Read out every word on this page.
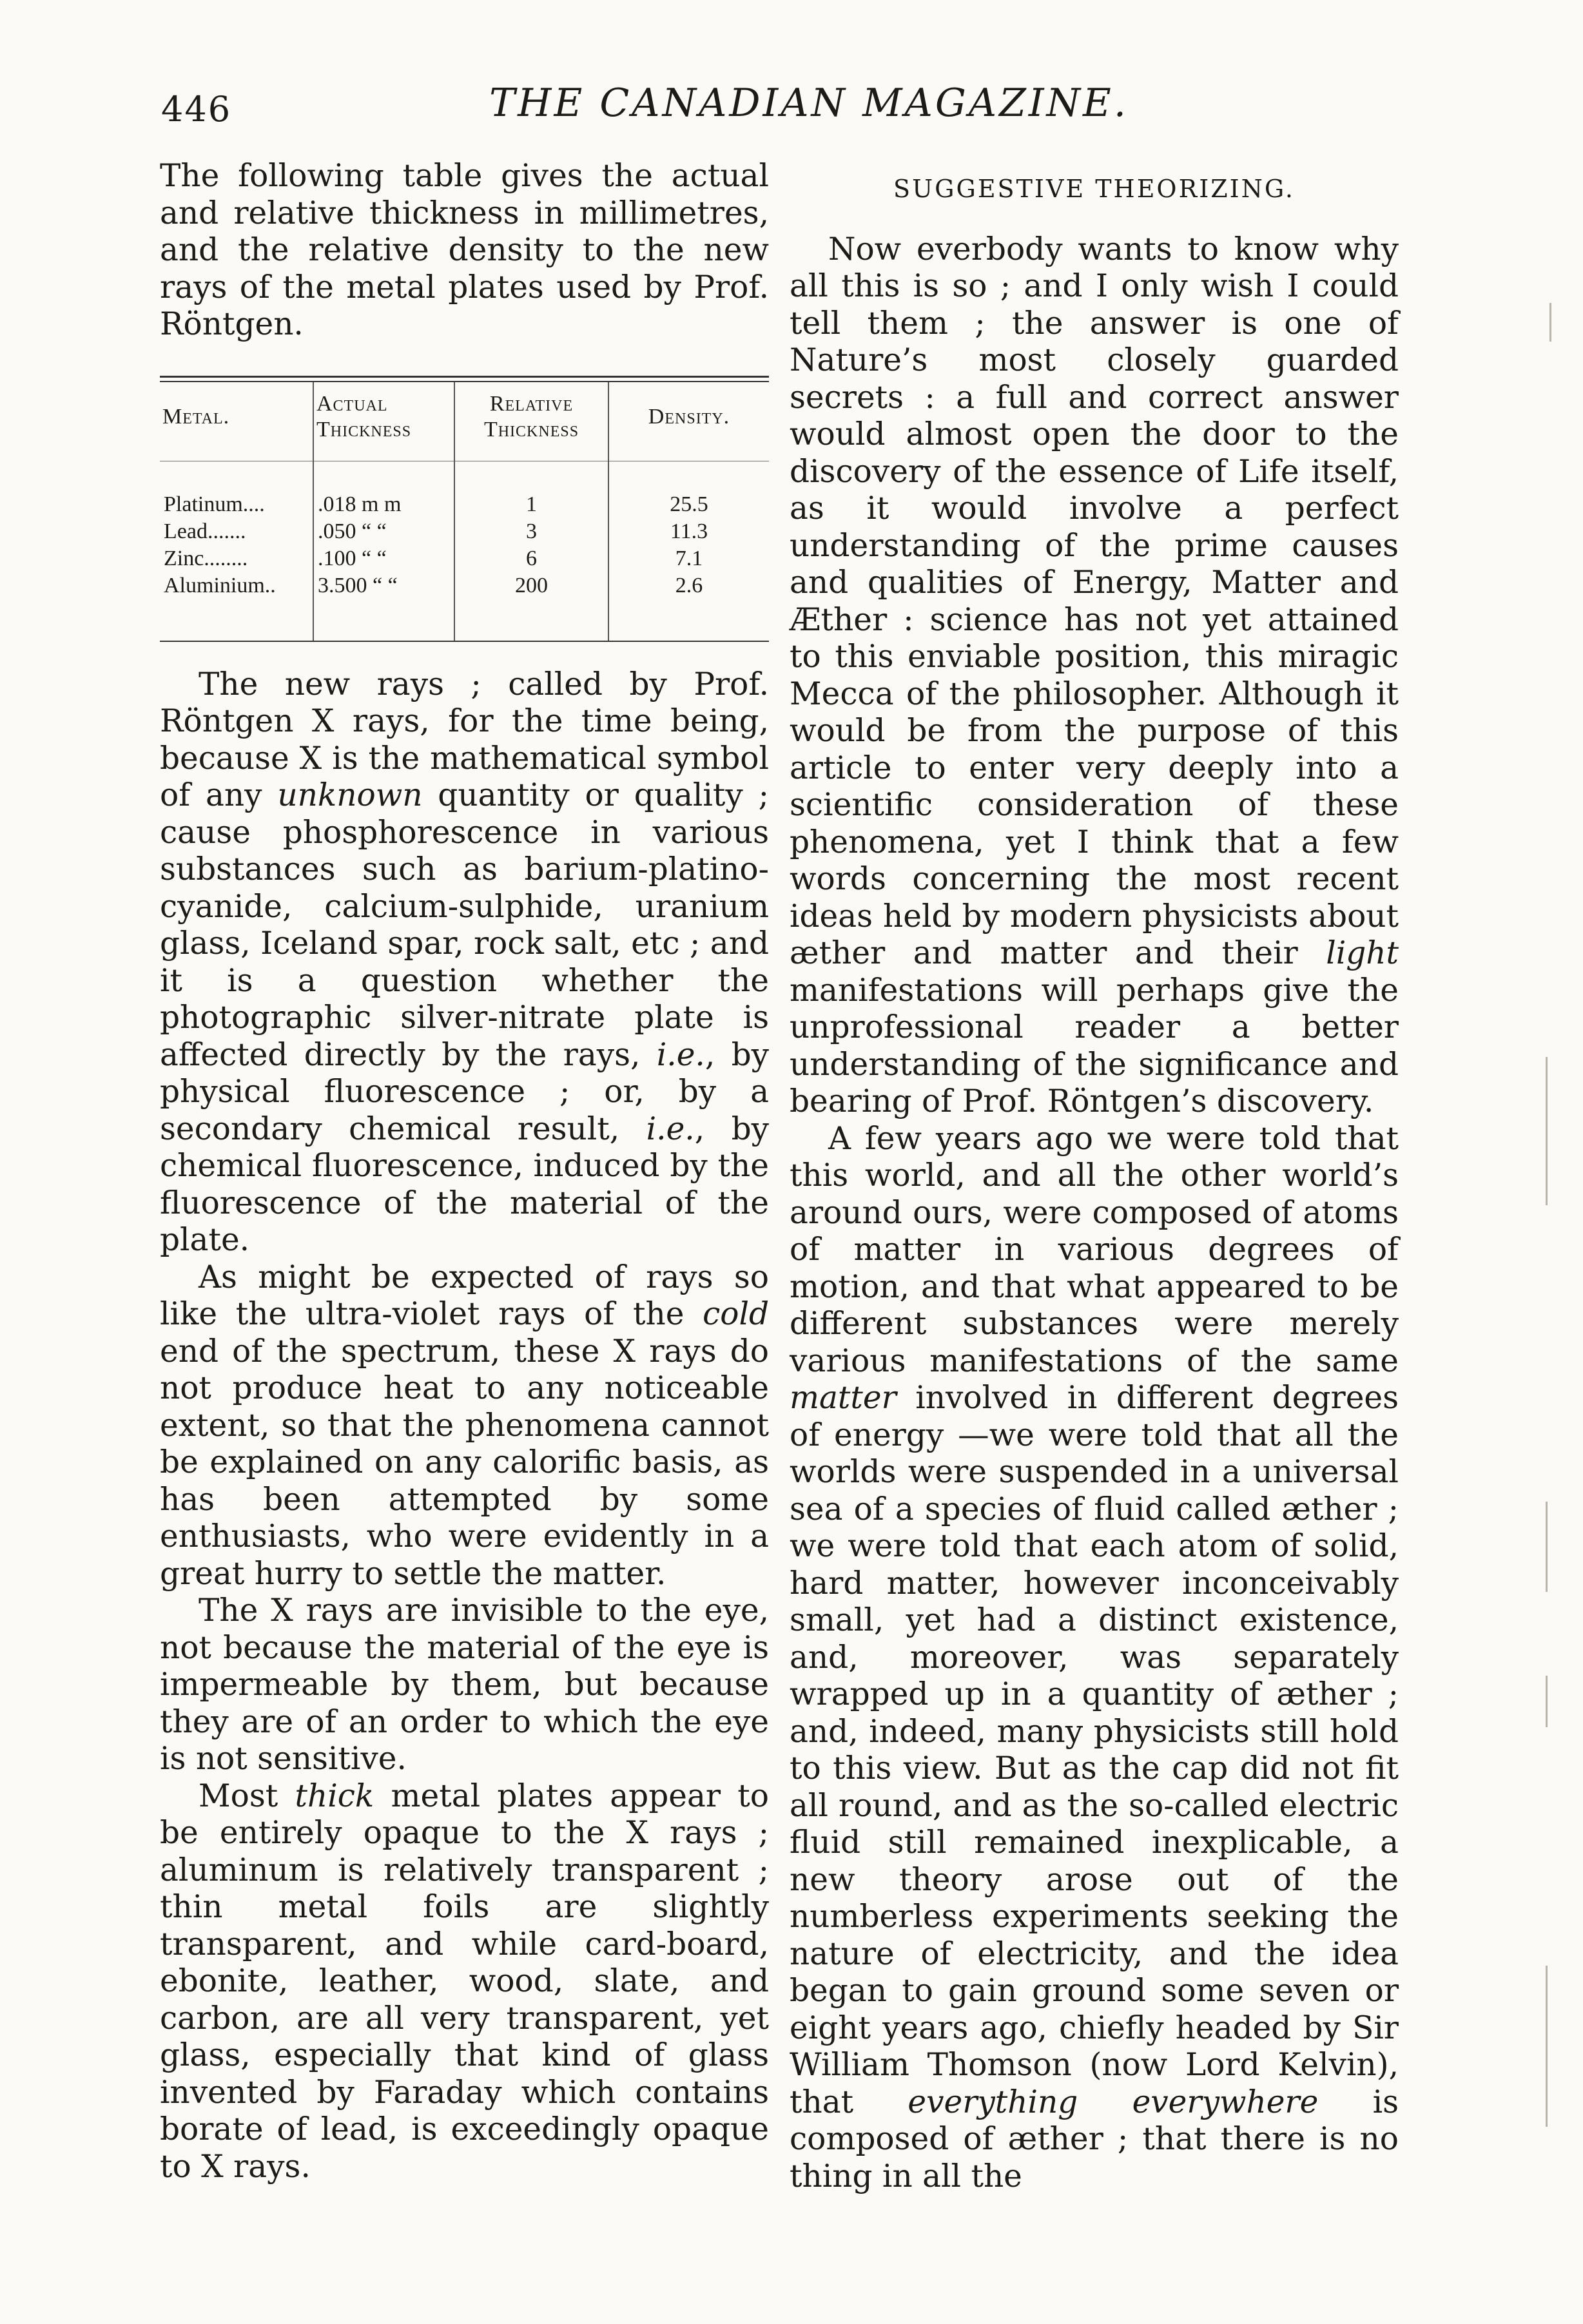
446	THE CANADIAN MAGAZINE.

The following table gives the actual and relative thickness in millimetres, and the relative density to the new rays of the metal plates used by Prof. Röntgen.

Metal.	Actual Thickness	Relative Thickness	Density.
Platinum....	.018 m m	1	25.5
Lead.......	.050 “ “	3	11.3
Zinc........	.100 “ “	6	7.1
Aluminium..	3.500 “ “	200	2.6

The new rays ; called by Prof. Röntgen X rays, for the time being, because X is the mathematical symbol of any unknown quantity or quality ; cause phosphorescence in various substances such as barium-platino-cyanide, calcium-sulphide, uranium glass, Iceland spar, rock salt, etc ; and it is a question whether the photographic silver-nitrate plate is affected directly by the rays, i.e., by physical fluorescence ; or, by a secondary chemical result, i.e., by chemical fluorescence, induced by the fluorescence of the material of the plate.

As might be expected of rays so like the ultra-violet rays of the cold end of the spectrum, these X rays do not produce heat to any noticeable extent, so that the phenomena cannot be explained on any calorific basis, as has been attempted by some enthusiasts, who were evidently in a great hurry to settle the matter.

The X rays are invisible to the eye, not because the material of the eye is impermeable by them, but because they are of an order to which the eye is not sensitive.

Most thick metal plates appear to be entirely opaque to the X rays ; aluminum is relatively transparent ; thin metal foils are slightly transparent, and while card-board, ebonite, leather, wood, slate, and carbon, are all very transparent, yet glass, especially that kind of glass invented by Faraday which contains borate of lead, is exceedingly opaque to X rays.

SUGGESTIVE THEORIZING.

Now everbody wants to know why all this is so ; and I only wish I could tell them ; the answer is one of Nature’s most closely guarded secrets : a full and correct answer would almost open the door to the discovery of the essence of Life itself, as it would involve a perfect understanding of the prime causes and qualities of Energy, Matter and Æther : science has not yet attained to this enviable position, this miragic Mecca of the philosopher. Although it would be from the purpose of this article to enter very deeply into a scientific consideration of these phenomena, yet I think that a few words concerning the most recent ideas held by modern physicists about æther and matter and their light manifestations will perhaps give the unprofessional reader a better understanding of the significance and bearing of Prof. Röntgen’s discovery.

A few years ago we were told that this world, and all the other world’s around ours, were composed of atoms of matter in various degrees of motion, and that what appeared to be different substances were merely various manifestations of the same matter involved in different degrees of energy —we were told that all the worlds were suspended in a universal sea of a species of fluid called æther ; we were told that each atom of solid, hard matter, however inconceivably small, yet had a distinct existence, and, moreover, was separately wrapped up in a quantity of æther ; and, indeed, many physicists still hold to this view. But as the cap did not fit all round, and as the so-called electric fluid still remained inexplicable, a new theory arose out of the numberless experiments seeking the nature of electricity, and the idea began to gain ground some seven or eight years ago, chiefly headed by Sir William Thomson (now Lord Kelvin), that everything everywhere is composed of æther ; that there is no thing in all the
